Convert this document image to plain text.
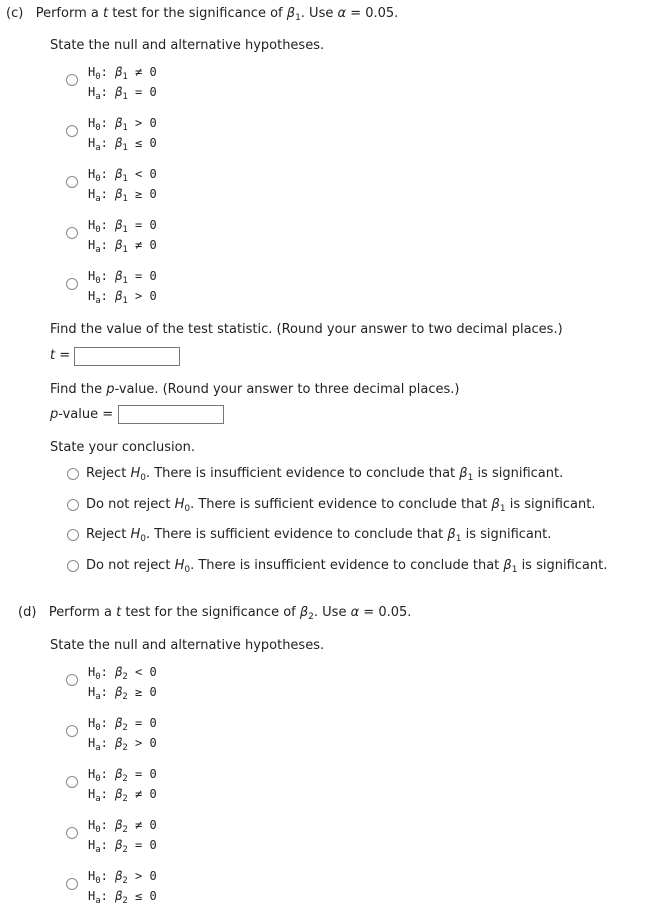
(c) Perform a t test for the significance of $\beta_1$. Use α = 0.05.
State the null and alternative hypotheses.
$H_0$: $\beta_1 \ne 0$
$H_a$: $\beta_1 = 0$
$H_0$: $\beta_1 > 0$
$H_a$: $\beta_1 \le 0$
$H_0$: $\beta_1 < 0$
$H_a$: $\beta_1 \ge 0$
$H_0$: $\beta_1 = 0$
$H_a$: $\beta_1 \ne 0$
$H_0$: $\beta_1 = 0$
$H_a$: $\beta_1 > 0$
Find the value of the test statistic. (Round your answer to two decimal places.)
t =
Find the p-value. (Round your answer to three decimal places.)
p-value =
State your conclusion.
Reject $H_0$. There is insufficient evidence to conclude that $\beta_1$ is significant.
Do not reject $H_0$. There is sufficient evidence to conclude that $\beta_1$ is significant.
Reject $H_0$. There is sufficient evidence to conclude that $\beta_1$ is significant.
Do not reject $H_0$. There is insufficient evidence to conclude that $\beta_1$ is significant.
(d) Perform a t test for the significance of $\beta_2$. Use α = 0.05.
State the null and alternative hypotheses.
$H_0$: $\beta_2 < 0$
$H_a$: $\beta_2 \ge 0$
$H_0$: $\beta_2 = 0$
$H_a$: $\beta_2 > 0$
$H_0$: $\beta_2 = 0$
$H_a$: $\beta_2 \ne 0$
$H_0$: $\beta_2 \ne 0$
$H_a$: $\beta_2 = 0$
$H_0$: $\beta_2 > 0$
$H_a$: $\beta_2 \le 0$
